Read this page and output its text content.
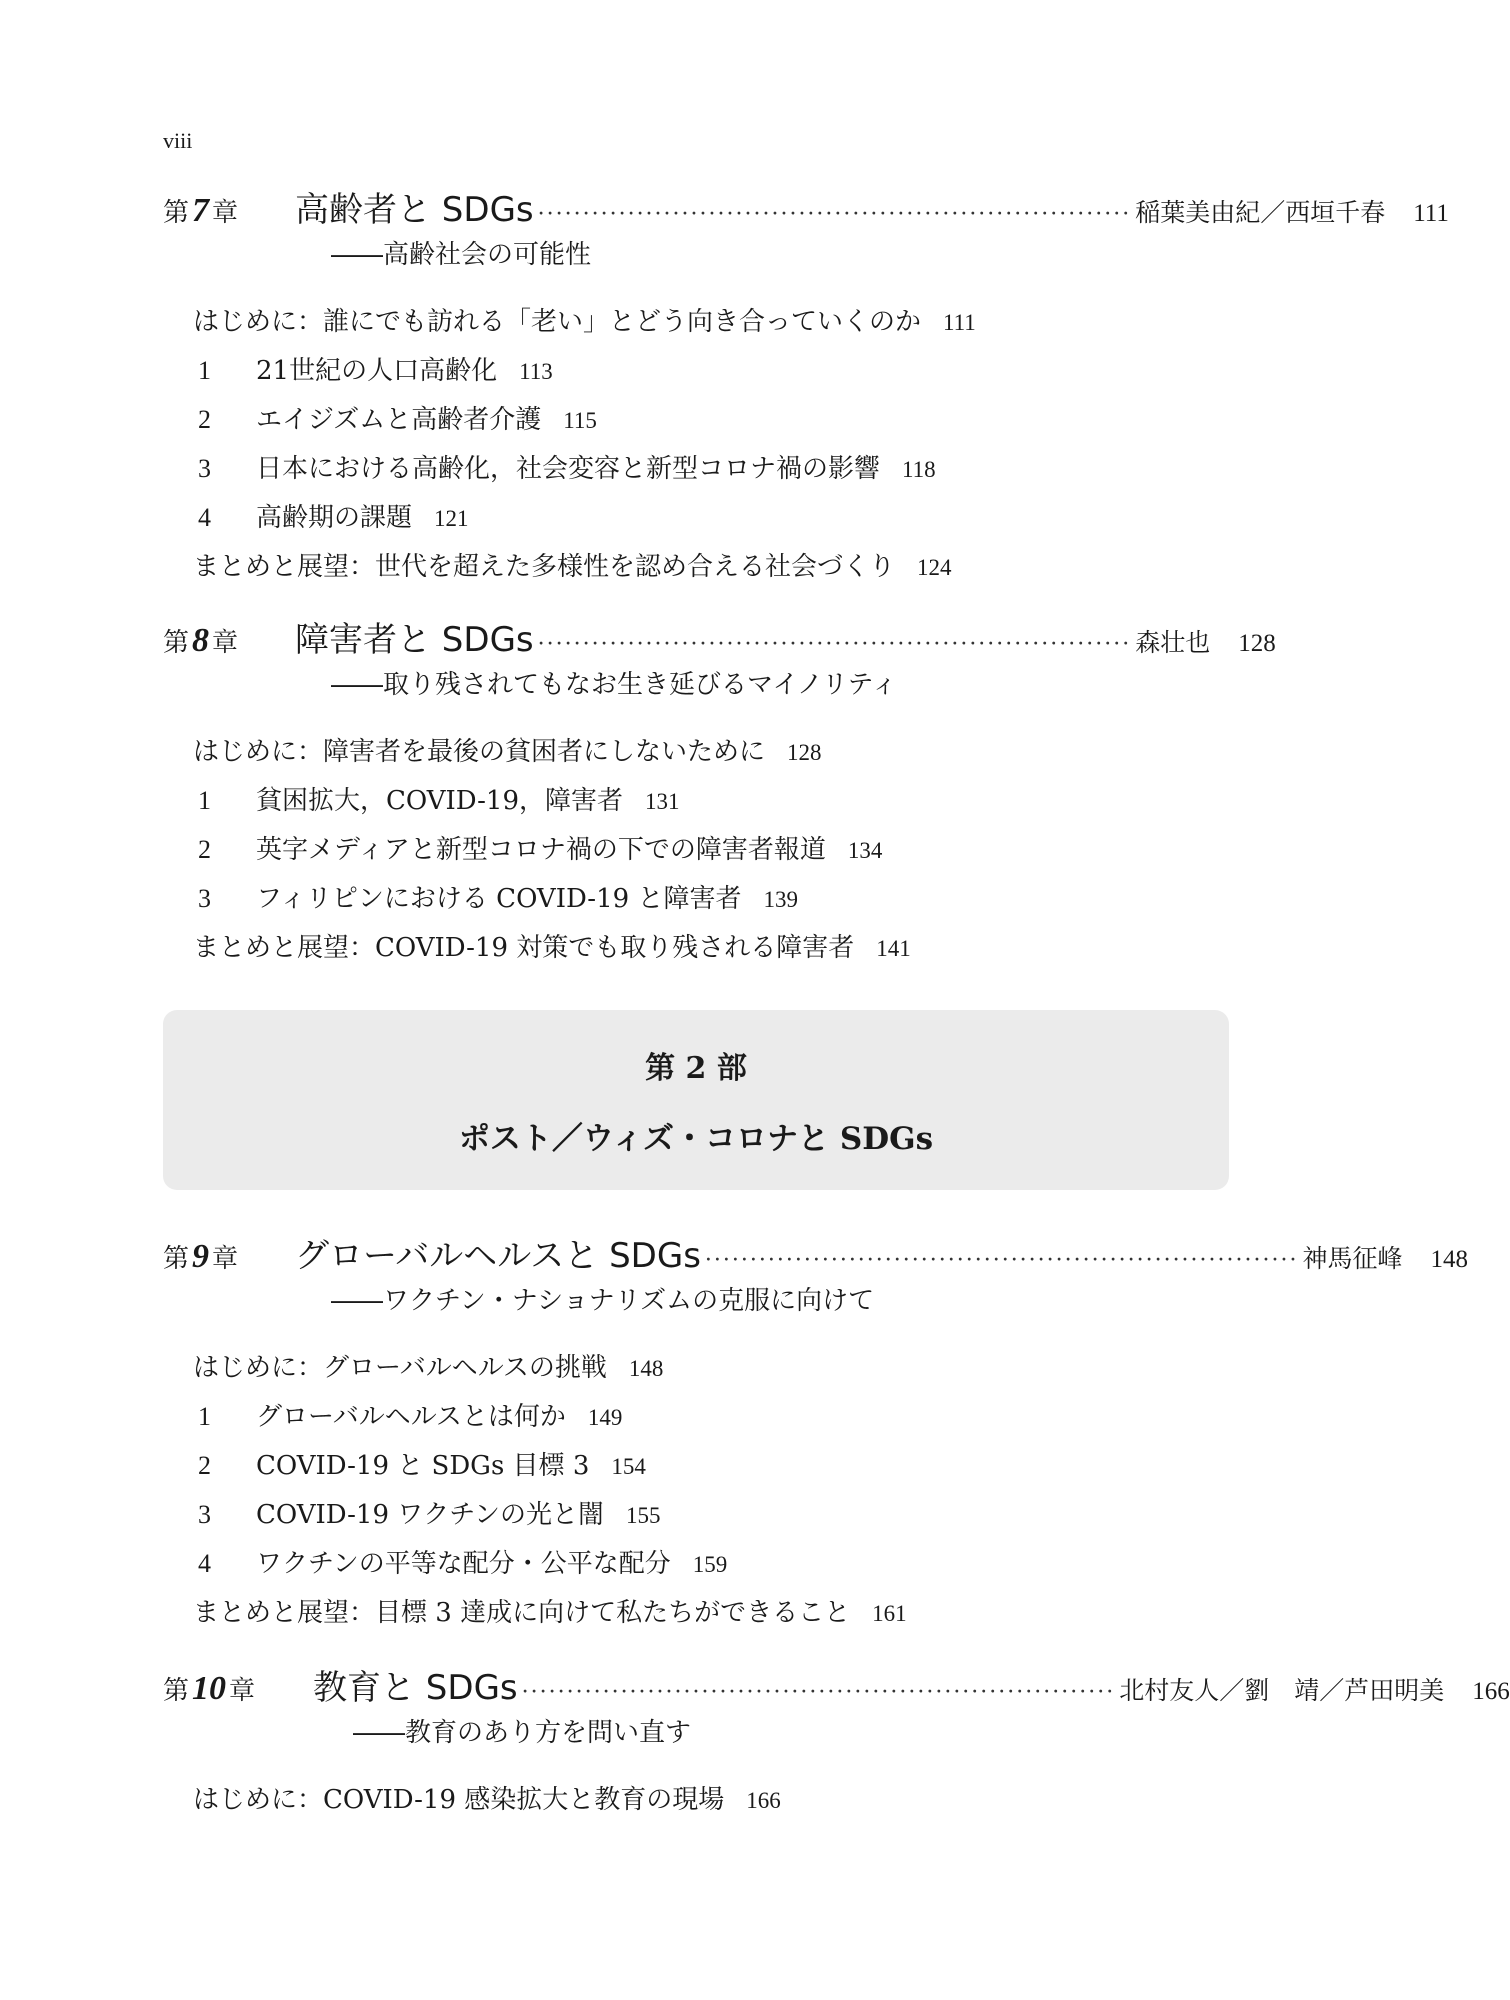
viii
第7 章	高齢者と SDGs ·································································· 稲葉美由紀／西垣千春 111
――高齢社会の可能性
はじめに：誰にでも訪れる「老い」とどう向き合っていくのか 111
1	21世紀の人口高齢化 113
2	エイジズムと高齢者介護 115
3	日本における高齢化，社会変容と新型コロナ禍の影響 118
4	高齢期の課題 121
まとめと展望：世代を超えた多様性を認め合える社会づくり 124
第8 章	障害者と SDGs ·································································· 森壮也 128
――取り残されてもなお生き延びるマイノリティ
はじめに：障害者を最後の貧困者にしないために 128
1	貧困拡大，COVID-19，障害者 131
2	英字メディアと新型コロナ禍の下での障害者報道 134
3	フィリピンにおける COVID-19 と障害者 139
まとめと展望：COVID-19 対策でも取り残される障害者 141
第 2 部
ポスト／ウィズ・コロナと SDGs
第9 章	グローバルヘルスと SDGs ·································································· 神馬征峰 148
――ワクチン・ナショナリズムの克服に向けて
はじめに：グローバルヘルスの挑戦 148
1	グローバルヘルスとは何か 149
2	COVID-19 と SDGs 目標 3 154
3	COVID-19 ワクチンの光と闇 155
4	ワクチンの平等な配分・公平な配分 159
まとめと展望：目標 3 達成に向けて私たちができること 161
第10 章	教育と SDGs ·································································· 北村友人／劉　靖／芦田明美 166
――教育のあり方を問い直す
はじめに：COVID-19 感染拡大と教育の現場 166
